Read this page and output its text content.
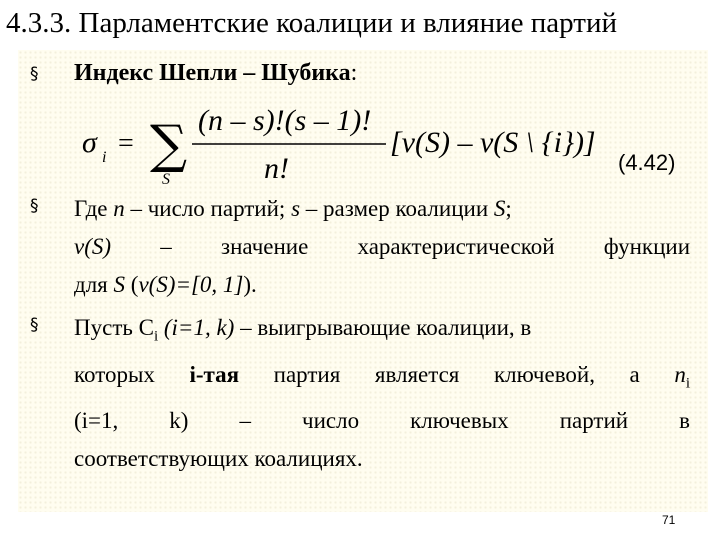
4.3.3. Парламентские коалиции и влияние партий
§ Индекс Шепли – Шубика:
σ i = ∑
S
(n – s)!(s – 1)!
n!
[v(S) – v(S \ {i})]
(4.42)
§ Где n – число партий; s – размер коалиции S;
v(S) – значение характеристической функции
для S (v(S)=[0, 1]).
§ Пусть $C_i$ (i=1, k) – выигрывающие коалиции, в
которых i-тая партия является ключевой, а $n_i$
(i=1, k) – число ключевых партий в
соответствующих коалициях.
71
